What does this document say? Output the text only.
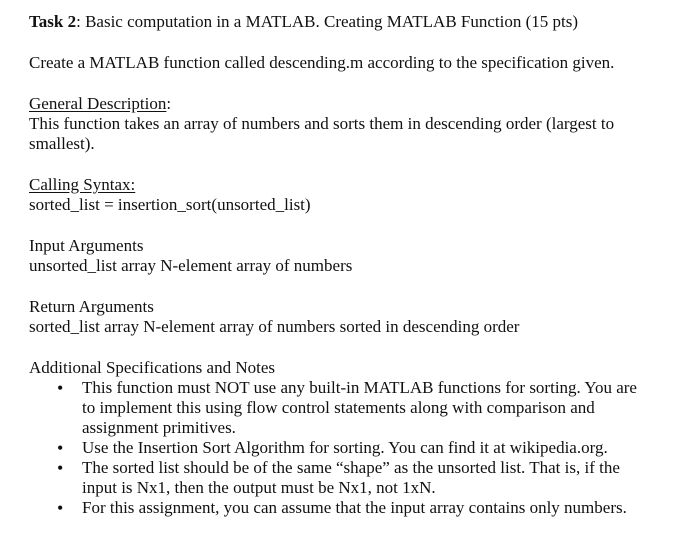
Task 2: Basic computation in a MATLAB. Creating MATLAB Function (15 pts)

Create a MATLAB function called descending.m according to the specification given.

General Description:
This function takes an array of numbers and sorts them in descending order (largest to
smallest).
Calling Syntax:
sorted_list = insertion_sort(unsorted_list)
Input Arguments
unsorted_list array N-element array of numbers
Return Arguments
sorted_list array N-element array of numbers sorted in descending order
Additional Specifications and Notes
• This function must NOT use any built-in MATLAB functions for sorting. You are
to implement this using flow control statements along with comparison and
assignment primitives.
• Use the Insertion Sort Algorithm for sorting. You can find it at wikipedia.org.
• The sorted list should be of the same “shape” as the unsorted list. That is, if the
input is Nx1, then the output must be Nx1, not 1xN.
• For this assignment, you can assume that the input array contains only numbers.
